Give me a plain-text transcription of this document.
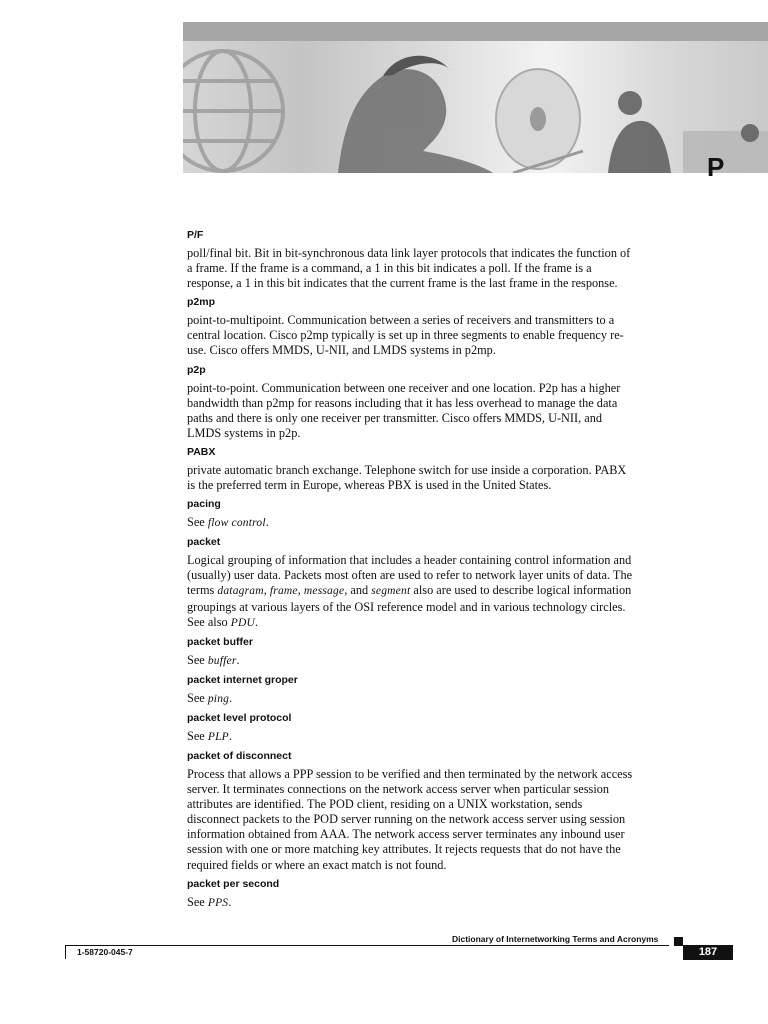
P
P/F

poll/final bit. Bit in bit-synchronous data link layer protocols that indicates the function of a frame. If the frame is a command, a 1 in this bit indicates a poll. If the frame is a response, a 1 in this bit indicates that the current frame is the last frame in the response.

p2mp

point-to-multipoint. Communication between a series of receivers and transmitters to a central location. Cisco p2mp typically is set up in three segments to enable frequency re-use. Cisco offers MMDS, U-NII, and LMDS systems in p2mp.

p2p

point-to-point. Communication between one receiver and one location. P2p has a higher bandwidth than p2mp for reasons including that it has less overhead to manage the data paths and there is only one receiver per transmitter. Cisco offers MMDS, U-NII, and LMDS systems in p2p.

PABX

private automatic branch exchange. Telephone switch for use inside a corporation. PABX is the preferred term in Europe, whereas PBX is used in the United States.

pacing

See flow control.

packet

Logical grouping of information that includes a header containing control information and (usually) user data. Packets most often are used to refer to network layer units of data. The terms datagram, frame, message, and segment also are used to describe logical information groupings at various layers of the OSI reference model and in various technology circles. See also PDU.

packet buffer

See buffer.

packet internet groper

See ping.

packet level protocol

See PLP.

packet of disconnect

Process that allows a PPP session to be verified and then terminated by the network access server. It terminates connections on the network access server when particular session attributes are identified. The POD client, residing on a UNIX workstation, sends disconnect packets to the POD server running on the network access server using session information obtained from AAA. The network access server terminates any inbound user session with one or more matching key attributes. It rejects requests that do not have the required fields or where an exact match is not found.

packet per second

See PPS.

Dictionary of Internetworking Terms and Acronyms
1-58720-045-7	187
